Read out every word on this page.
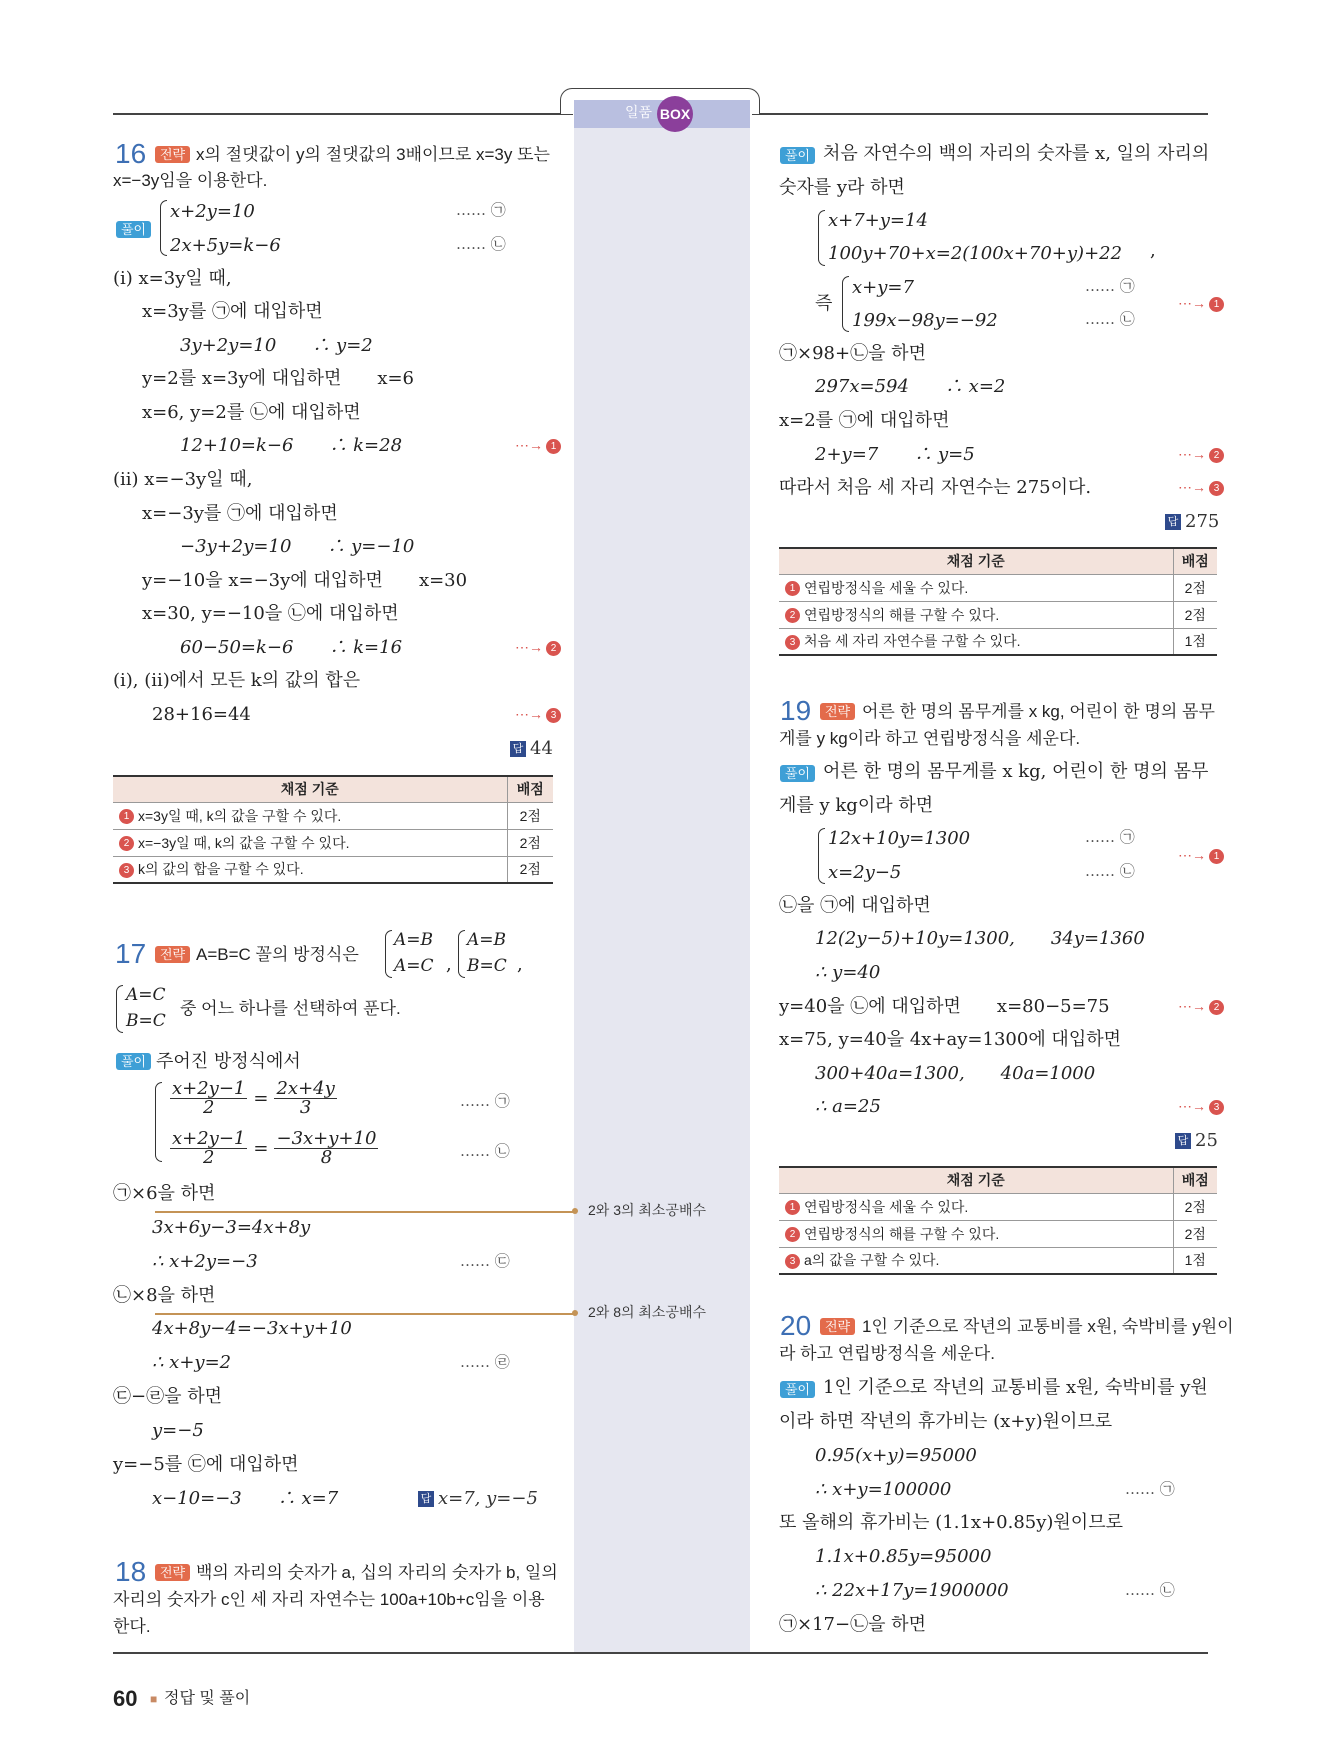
일품 BOX
16	전략 x의 절댓값이 y의 절댓값의 3배이므로 x=3y 또는
x=−3y임을 이용한다.
풀이
x+2y=10
2x+5y=k−6
…… ㉠
…… ㉡
(i) x=3y일 때,
x=3y를 ㉠에 대입하면
3y+2y=10　　∴ y=2
y=2를 x=3y에 대입하면　　x=6
x=6, y=2를 ㉡에 대입하면
12+10=k−6　　∴ k=28	⋯→ 1
(ii) x=−3y일 때,
x=−3y를 ㉠에 대입하면
−3y+2y=10　　∴ y=−10
y=−10을 x=−3y에 대입하면　　x=30
x=30, y=−10을 ㉡에 대입하면
60−50=k−6　　∴ k=16	⋯→ 2
(i), (ii)에서 모든 k의 값의 합은
28+16=44	⋯→ 3
답 44
채점 기준	배점
1 x=3y일 때, k의 값을 구할 수 있다.	2점
2 x=−3y일 때, k의 값을 구할 수 있다.	2점
3 k의 값의 합을 구할 수 있다.	2점
17	전략 A=B=C 꼴의 방정식은
A=B
A=C ,
A=B
B=C ,
A=C
B=C
중 어느 하나를 선택하여 푼다.
풀이 주어진 방정식에서
$\frac{x+2y-1}{2} = \frac{2x+4y}{3}$	…… ㉠
$\frac{x+2y-1}{2} = \frac{-3x+y+10}{8}$	…… ㉡
㉠×6을 하면
2와 3의 최소공배수
3x+6y−3=4x+8y
∴ x+2y=−3	…… ㉢
㉡×8을 하면
2와 8의 최소공배수
4x+8y−4=−3x+y+10
∴ x+y=2	…… ㉣
㉢−㉣을 하면
y=−5
y=−5를 ㉢에 대입하면
x−10=−3　　∴ x=7	답 x=7, y=−5
18	전략 백의 자리의 숫자가 a, 십의 자리의 숫자가 b, 일의
자리의 숫자가 c인 세 자리 자연수는 100a+10b+c임을 이용
한다.
풀이 처음 자연수의 백의 자리의 숫자를 x, 일의 자리의
숫자를 y라 하면
x+7+y=14
100y+70+x=2(100x+70+y)+22 ,
즉
x+y=7
199x−98y=−92
…… ㉠
…… ㉡
⋯→ 1
㉠×98+㉡을 하면
297x=594　　∴ x=2
x=2를 ㉠에 대입하면
2+y=7　　∴ y=5	⋯→ 2
따라서 처음 세 자리 자연수는 275이다.	⋯→ 3
답 275
채점 기준	배점
1 연립방정식을 세울 수 있다.	2점
2 연립방정식의 해를 구할 수 있다.	2점
3 처음 세 자리 자연수를 구할 수 있다.	1점
19	전략 어른 한 명의 몸무게를 x kg, 어린이 한 명의 몸무
게를 y kg이라 하고 연립방정식을 세운다.
풀이 어른 한 명의 몸무게를 x kg, 어린이 한 명의 몸무
게를 y kg이라 하면
12x+10y=1300
x=2y−5
…… ㉠
…… ㉡
⋯→ 1
㉡을 ㉠에 대입하면
12(2y−5)+10y=1300,　　34y=1360
∴ y=40
y=40을 ㉡에 대입하면　　x=80−5=75	⋯→ 2
x=75, y=40을 4x+ay=1300에 대입하면
300+40a=1300,　　40a=1000
∴ a=25	⋯→ 3
답 25
채점 기준	배점
1 연립방정식을 세울 수 있다.	2점
2 연립방정식의 해를 구할 수 있다.	2점
3 a의 값을 구할 수 있다.	1점
20	전략 1인 기준으로 작년의 교통비를 x원, 숙박비를 y원이
라 하고 연립방정식을 세운다.
풀이 1인 기준으로 작년의 교통비를 x원, 숙박비를 y원
이라 하면 작년의 휴가비는 (x+y)원이므로
0.95(x+y)=95000
∴ x+y=100000	…… ㉠
또 올해의 휴가비는 (1.1x+0.85y)원이므로
1.1x+0.85y=95000
∴ 22x+17y=1900000	…… ㉡
㉠×17−㉡을 하면
60 ■ 정답 및 풀이
